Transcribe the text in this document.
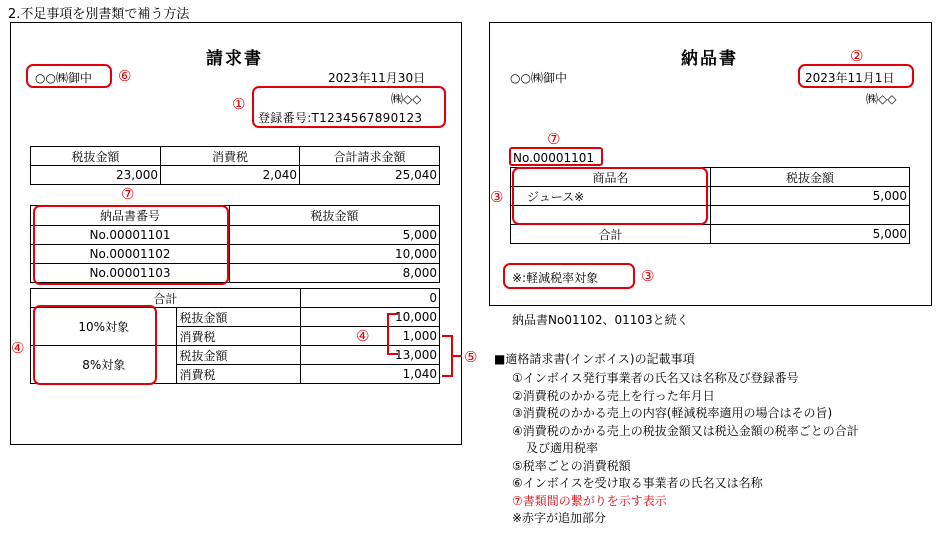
2.不足事項を別書類で補う方法
請求書
○○㈱御中 ⑥	2023年11月30日
㈱◇◇
登録番号:T1234567890123
①
税抜金額	消費税	合計請求金額
23,000	2,040	25,040
⑦
納品書番号	税抜金額
No.00001101	5,000
No.00001102	10,000
No.00001103	8,000
合計		0
10%対象	税抜金額	10,000
	消費税	1,000
8%対象	税抜金額	13,000
	消費税	1,040
④
④
⑤
納品書
○○㈱御中
②
2023年11月1日
㈱◇◇
⑦
No.00001101
商品名	税抜金額
ジュース※	5,000

合計	5,000
③
※:軽減税率対象	③
納品書No01102、01103と続く
■適格請求書(インボイス)の記載事項
①インボイス発行事業者の氏名又は名称及び登録番号
②消費税のかかる売上を行った年月日
③消費税のかかる売上の内容(軽減税率適用の場合はその旨)
④消費税のかかる売上の税抜金額又は税込金額の税率ごとの合計
及び適用税率
⑤税率ごとの消費税額
⑥インボイスを受け取る事業者の氏名又は名称
⑦書類間の繋がりを示す表示
※赤字が追加部分
